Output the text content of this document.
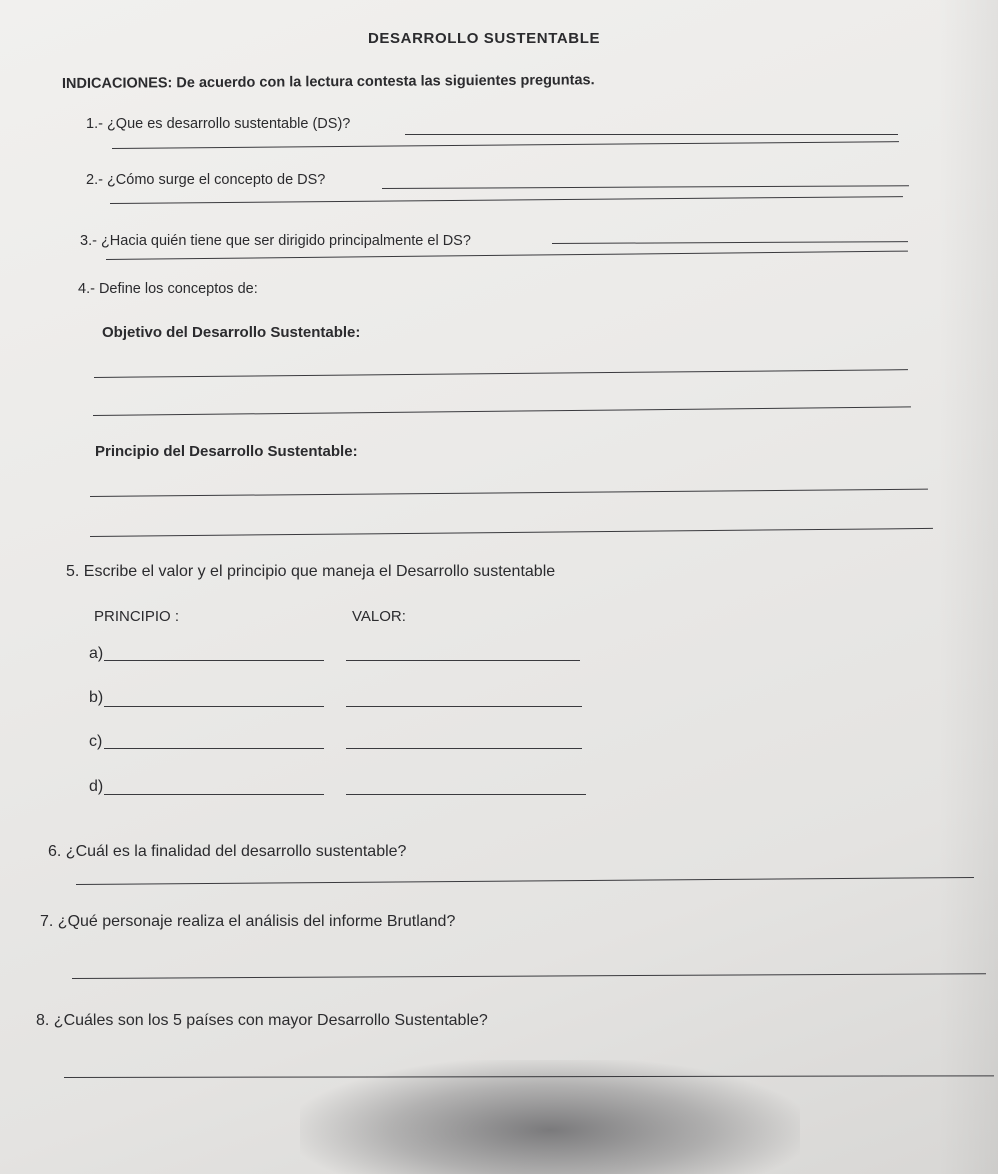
DESARROLLO SUSTENTABLE
INDICACIONES: De acuerdo con la lectura contesta las siguientes preguntas.
1.- ¿Que es desarrollo sustentable (DS)?
2.- ¿Cómo surge el concepto de DS?
3.- ¿Hacia quién tiene que ser dirigido principalmente el DS?
4.- Define los conceptos de:
Objetivo del Desarrollo Sustentable:
Principio del Desarrollo Sustentable:
5. Escribe el valor y el principio que maneja el Desarrollo sustentable
PRINCIPIO :	VALOR:
a)
b)
c)
d)
6. ¿Cuál es la finalidad del desarrollo sustentable?
7. ¿Qué personaje realiza el análisis del informe Brutland?
8. ¿Cuáles son los 5 países con mayor Desarrollo Sustentable?
